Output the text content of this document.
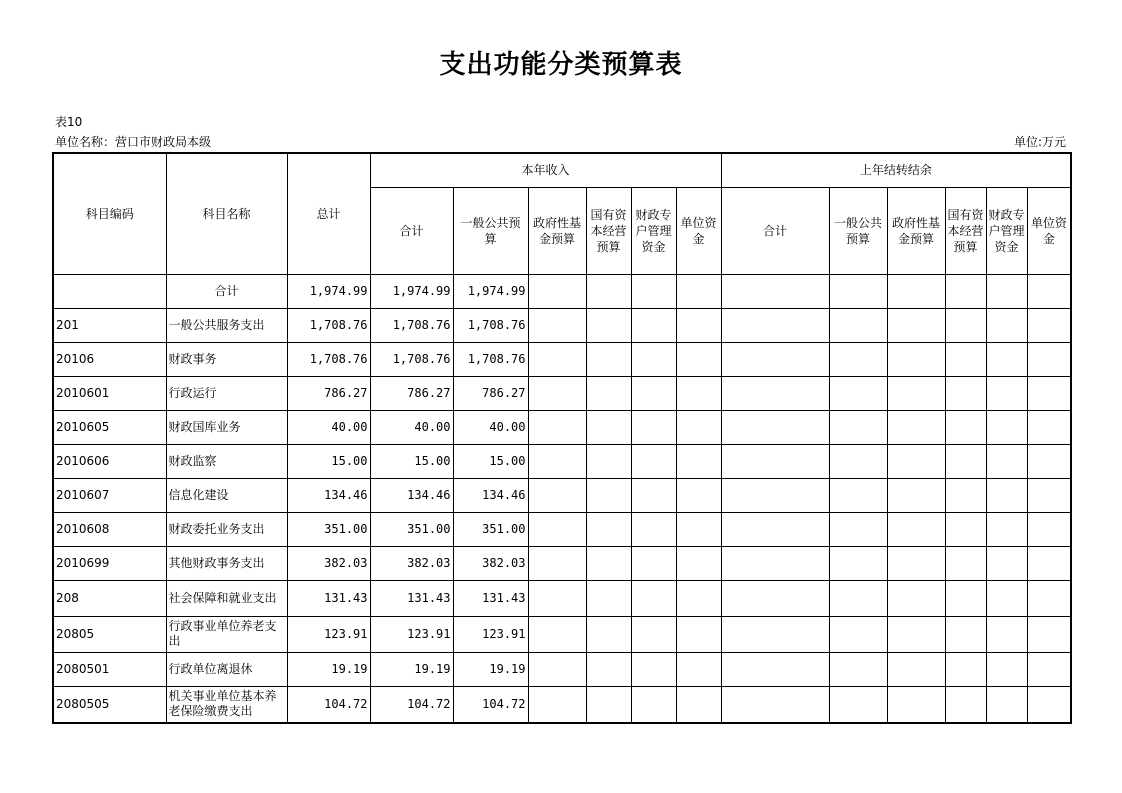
支出功能分类预算表
表10
单位名称：营口市财政局本级	单位:万元
科目编码	科目名称	总计	本年收入						上年结转结余					
			合计	一般公共预算	政府性基金预算	国有资本经营预算	财政专户管理资金	单位资金	合计	一般公共预算	政府性基金预算	国有资本经营预算	财政专户管理资金	单位资金
	合计	1,974.99	1,974.99	1,974.99										
201	一般公共服务支出	1,708.76	1,708.76	1,708.76										
20106	财政事务	1,708.76	1,708.76	1,708.76										
2010601	行政运行	786.27	786.27	786.27										
2010605	财政国库业务	40.00	40.00	40.00										
2010606	财政监察	15.00	15.00	15.00										
2010607	信息化建设	134.46	134.46	134.46										
2010608	财政委托业务支出	351.00	351.00	351.00										
2010699	其他财政事务支出	382.03	382.03	382.03										
208	社会保障和就业支出	131.43	131.43	131.43										
20805	行政事业单位养老支出	123.91	123.91	123.91										
2080501	行政单位离退休	19.19	19.19	19.19										
2080505	机关事业单位基本养老保险缴费支出	104.72	104.72	104.72										
